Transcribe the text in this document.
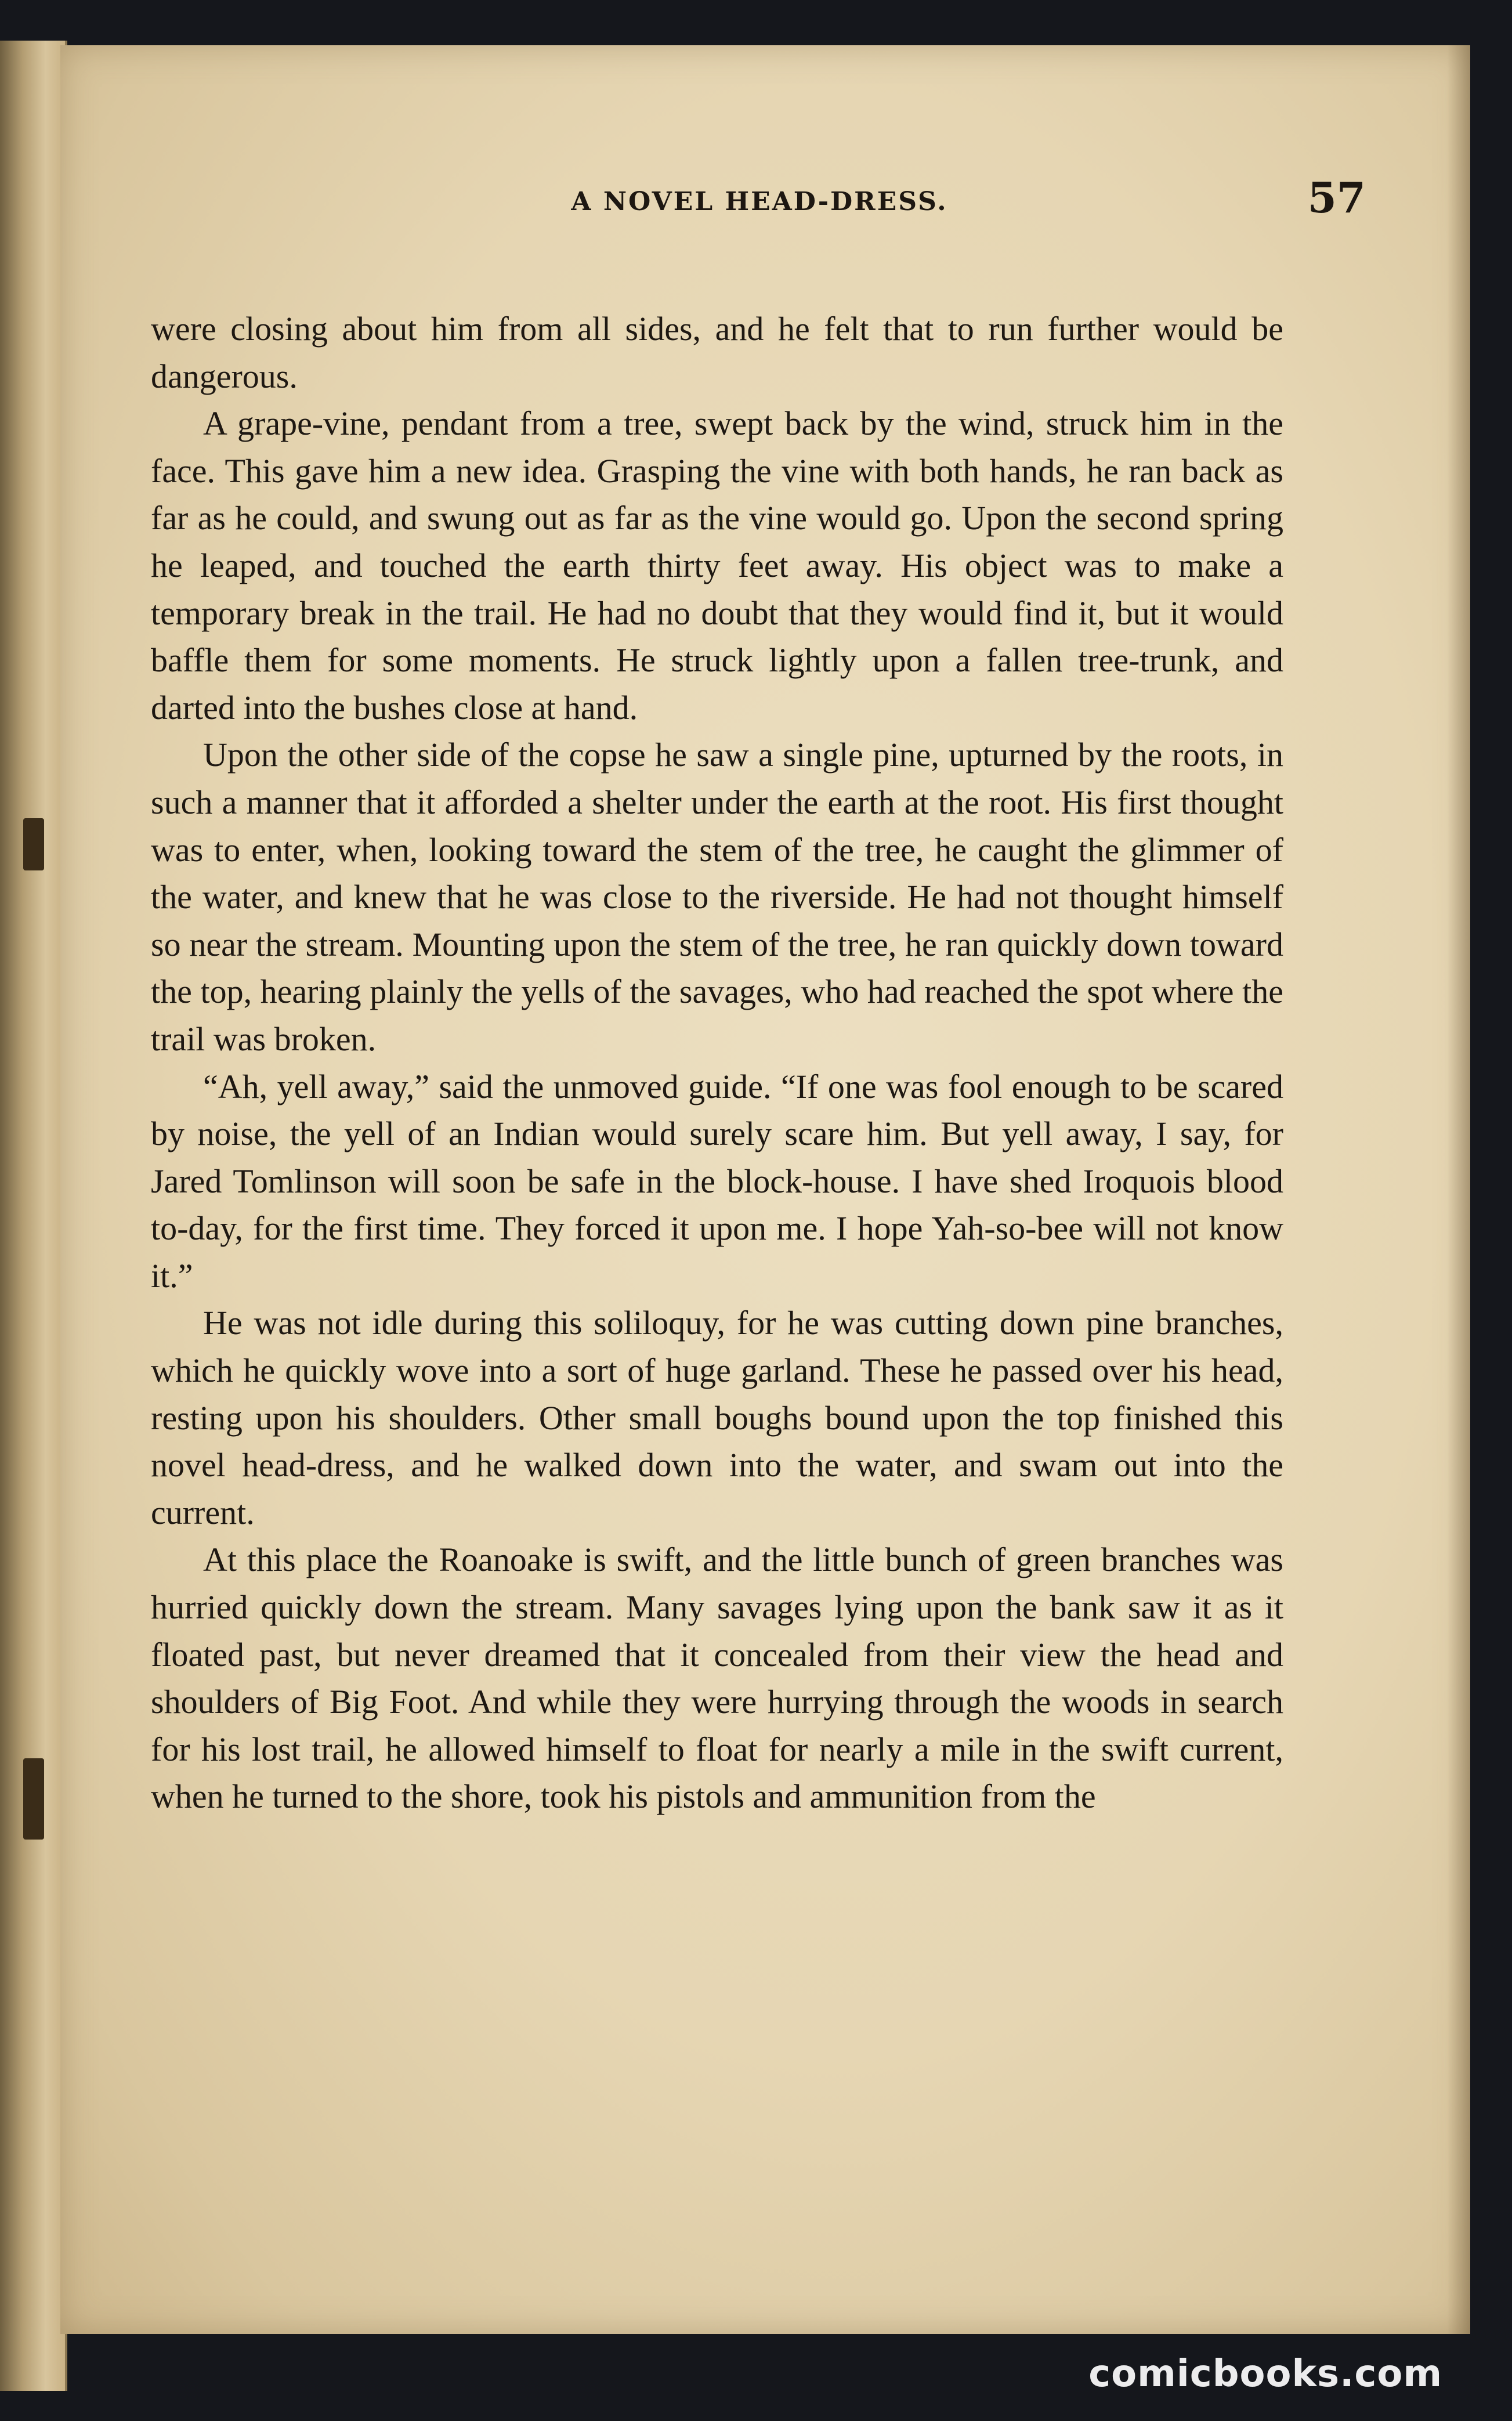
A NOVEL HEAD-DRESS.	57

were closing about him from all sides, and he felt that to run further would be dangerous.

A grape-vine, pendant from a tree, swept back by the wind, struck him in the face. This gave him a new idea. Grasping the vine with both hands, he ran back as far as he could, and swung out as far as the vine would go. Upon the second spring he leaped, and touched the earth thirty feet away. His object was to make a temporary break in the trail. He had no doubt that they would find it, but it would baffle them for some moments. He struck lightly upon a fallen tree-trunk, and darted into the bushes close at hand.

Upon the other side of the copse he saw a single pine, upturned by the roots, in such a manner that it afforded a shelter under the earth at the root. His first thought was to enter, when, looking toward the stem of the tree, he caught the glimmer of the water, and knew that he was close to the riverside. He had not thought himself so near the stream. Mounting upon the stem of the tree, he ran quickly down toward the top, hearing plainly the yells of the savages, who had reached the spot where the trail was broken.

“Ah, yell away,” said the unmoved guide. “If one was fool enough to be scared by noise, the yell of an Indian would surely scare him. But yell away, I say, for Jared Tomlinson will soon be safe in the block-house. I have shed Iroquois blood to-day, for the first time. They forced it upon me. I hope Yah-so-bee will not know it.”

He was not idle during this soliloquy, for he was cutting down pine branches, which he quickly wove into a sort of huge garland. These he passed over his head, resting upon his shoulders. Other small boughs bound upon the top finished this novel head-dress, and he walked down into the water, and swam out into the current.

At this place the Roanoake is swift, and the little bunch of green branches was hurried quickly down the stream. Many savages lying upon the bank saw it as it floated past, but never dreamed that it concealed from their view the head and shoulders of Big Foot. And while they were hurrying through the woods in search for his lost trail, he allowed himself to float for nearly a mile in the swift current, when he turned to the shore, took his pistols and ammunition from the

comicbooks.com
